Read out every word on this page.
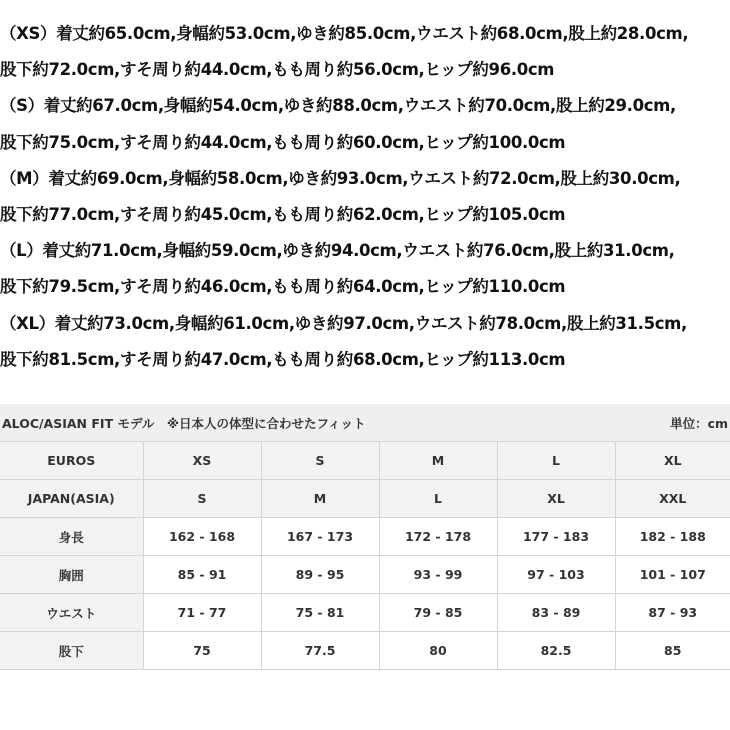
（XS）着丈約65.0cm,身幅約53.0cm,ゆき約85.0cm,ウエスト約68.0cm,股上約28.0cm,
股下約72.0cm,すそ周り約44.0cm,もも周り約56.0cm,ヒップ約96.0cm
（S）着丈約67.0cm,身幅約54.0cm,ゆき約88.0cm,ウエスト約70.0cm,股上約29.0cm,
股下約75.0cm,すそ周り約44.0cm,もも周り約60.0cm,ヒップ約100.0cm
（M）着丈約69.0cm,身幅約58.0cm,ゆき約93.0cm,ウエスト約72.0cm,股上約30.0cm,
股下約77.0cm,すそ周り約45.0cm,もも周り約62.0cm,ヒップ約105.0cm
（L）着丈約71.0cm,身幅約59.0cm,ゆき約94.0cm,ウエスト約76.0cm,股上約31.0cm,
股下約79.5cm,すそ周り約46.0cm,もも周り約64.0cm,ヒップ約110.0cm
（XL）着丈約73.0cm,身幅約61.0cm,ゆき約97.0cm,ウエスト約78.0cm,股上約31.5cm,
股下約81.5cm,すそ周り約47.0cm,もも周り約68.0cm,ヒップ約113.0cm
ALOC/ASIAN FIT モデル　※日本人の体型に合わせたフィット	単位：cm
EUROS	XS	S	M	L	XL
JAPAN(ASIA)	S	M	L	XL	XXL
身長	162 - 168	167 - 173	172 - 178	177 - 183	182 - 188
胸囲	85 - 91	89 - 95	93 - 99	97 - 103	101 - 107
ウエスト	71 - 77	75 - 81	79 - 85	83 - 89	87 - 93
股下	75	77.5	80	82.5	85
